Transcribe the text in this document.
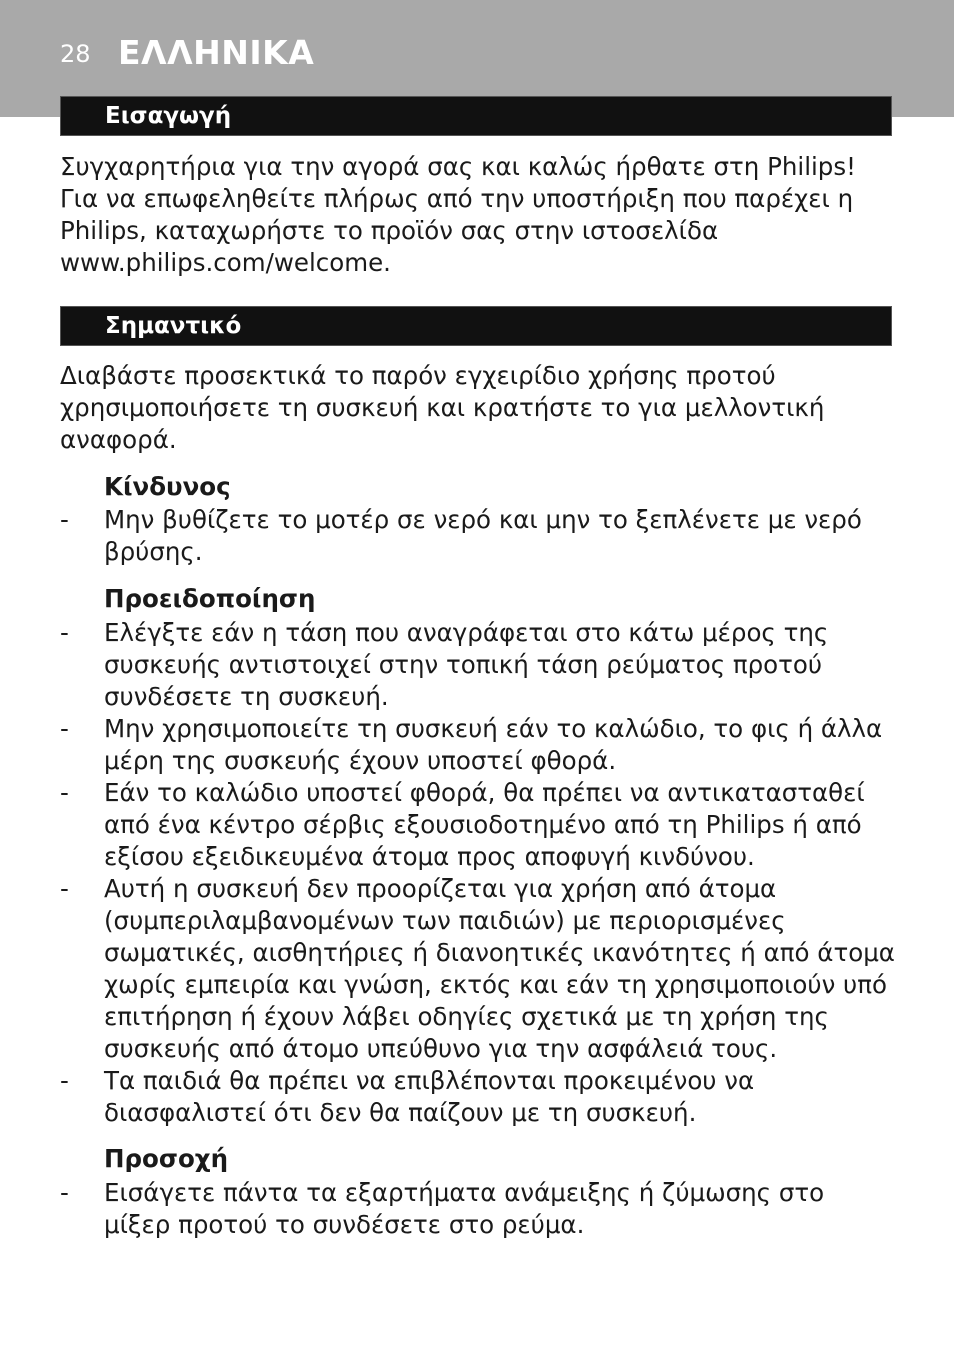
28 ΕΛΛΗΝΙΚΑ
Εισαγωγή
Συγχαρητήρια για την αγορά σας και καλώς ήρθατε στη Philips! Για να επωφεληθείτε πλήρως από την υποστήριξη που παρέχει η Philips, καταχωρήστε το προϊόν σας στην ιστοσελίδα www.philips.com/welcome.
Σημαντικό
Διαβάστε προσεκτικά το παρόν εγχειρίδιο χρήσης προτού χρησιμοποιήσετε τη συσκευή και κρατήστε το για μελλοντική αναφορά.
Κίνδυνος
- Μην βυθίζετε το μοτέρ σε νερό και μην το ξεπλένετε με νερό βρύσης.
Προειδοποίηση
- Ελέγξτε εάν η τάση που αναγράφεται στο κάτω μέρος της συσκευής αντιστοιχεί στην τοπική τάση ρεύματος προτού συνδέσετε τη συσκευή.
- Μην χρησιμοποιείτε τη συσκευή εάν το καλώδιο, το φις ή άλλα μέρη της συσκευής έχουν υποστεί φθορά.
- Εάν το καλώδιο υποστεί φθορά, θα πρέπει να αντικατασταθεί από ένα κέντρο σέρβις εξουσιοδοτημένο από τη Philips ή από εξίσου εξειδικευμένα άτομα προς αποφυγή κινδύνου.
- Αυτή η συσκευή δεν προορίζεται για χρήση από άτομα (συμπεριλαμβανομένων των παιδιών) με περιορισμένες σωματικές, αισθητήριες ή διανοητικές ικανότητες ή από άτομα χωρίς εμπειρία και γνώση, εκτός και εάν τη χρησιμοποιούν υπό επιτήρηση ή έχουν λάβει οδηγίες σχετικά με τη χρήση της συσκευής από άτομο υπεύθυνο για την ασφάλειά τους.
- Τα παιδιά θα πρέπει να επιβλέπονται προκειμένου να διασφαλιστεί ότι δεν θα παίζουν με τη συσκευή.
Προσοχή
- Εισάγετε πάντα τα εξαρτήματα ανάμειξης ή ζύμωσης στο μίξερ προτού το συνδέσετε στο ρεύμα.
